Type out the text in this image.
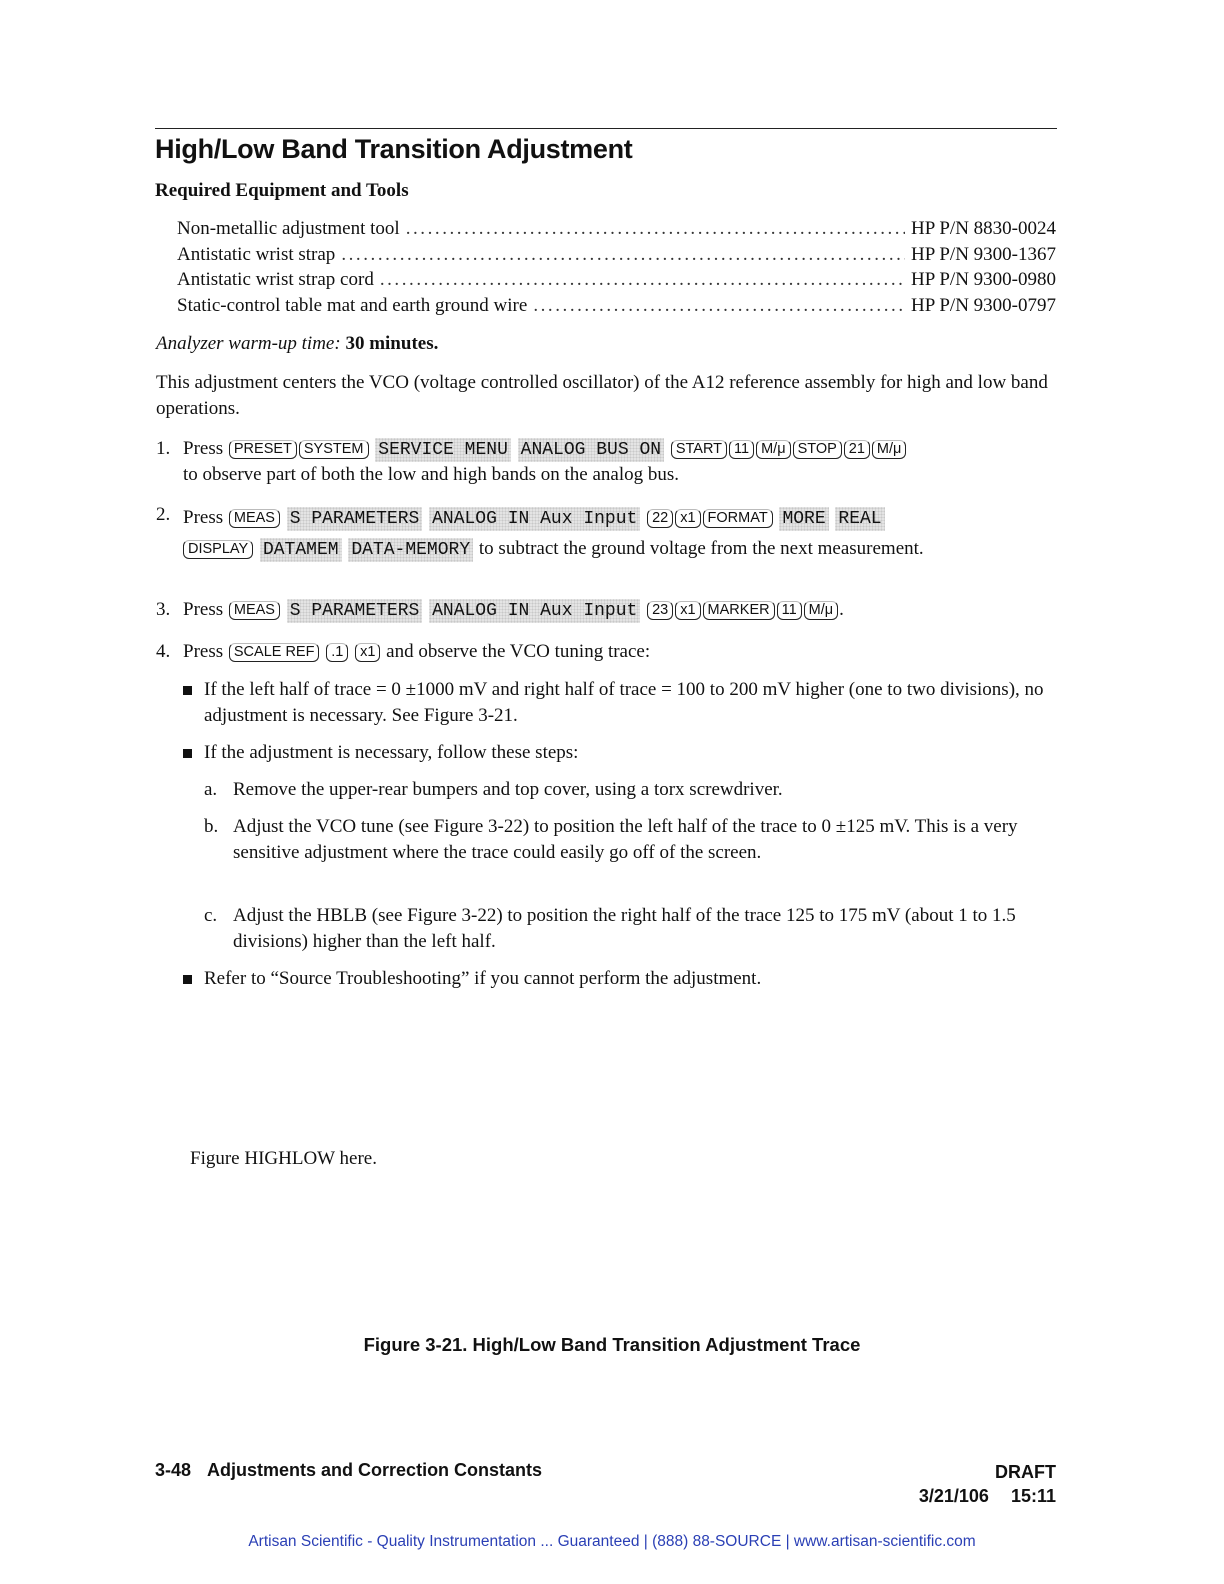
High/Low Band Transition Adjustment
Required Equipment and Tools
Non-metallic adjustment tool . . .	HP P/N 8830-0024
Antistatic wrist strap . . .	HP P/N 9300-1367
Antistatic wrist strap cord . . .	HP P/N 9300-0980
Static-control table mat and earth ground wire . . .	HP P/N 9300-0797
Analyzer warm-up time: 30 minutes.
This adjustment centers the VCO (voltage controlled oscillator) of the A12 reference assembly for high and low band operations.
1. Press PRESET SYSTEM SERVICE MENU ANALOG BUS ON START 11 M/μ STOP 21 M/μ
to observe part of both the low and high bands on the analog bus.
2. Press MEAS S PARAMETERS ANALOG IN Aux Input 22 x1 FORMAT MORE REAL
DISPLAY DATAMEM DATA-MEMORY to subtract the ground voltage from the next measurement.
3. Press MEAS S PARAMETERS ANALOG IN Aux Input 23 x1 MARKER 11 M/μ .
4. Press SCALE REF .1 x1 and observe the VCO tuning trace:
If the left half of trace = 0 ±1000 mV and right half of trace = 100 to 200 mV higher (one to two divisions), no adjustment is necessary. See Figure 3-21.
If the adjustment is necessary, follow these steps:
a. Remove the upper-rear bumpers and top cover, using a torx screwdriver.
b. Adjust the VCO tune (see Figure 3-22) to position the left half of the trace to 0 ±125 mV. This is a very sensitive adjustment where the trace could easily go off of the screen.
c. Adjust the HBLB (see Figure 3-22) to position the right half of the trace 125 to 175 mV (about 1 to 1.5 divisions) higher than the left half.
Refer to “Source Troubleshooting” if you cannot perform the adjustment.
Figure HIGHLOW here.
Figure 3-21. High/Low Band Transition Adjustment Trace
3-48 Adjustments and Correction Constants	DRAFT
3/21/106 15:11
Artisan Scientific - Quality Instrumentation ... Guaranteed | (888) 88-SOURCE | www.artisan-scientific.com
